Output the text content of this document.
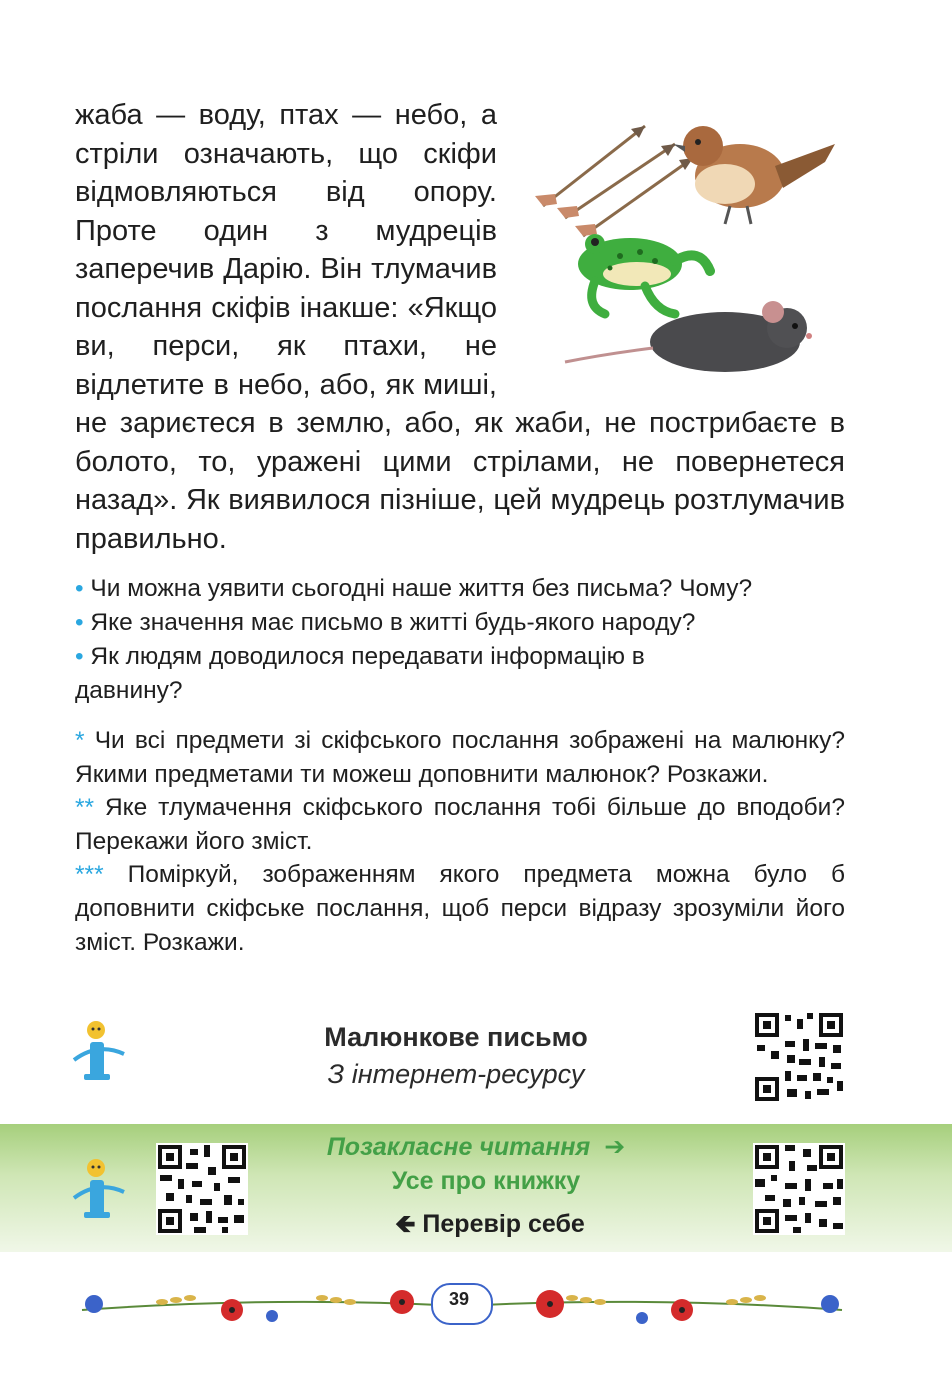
жаба — воду, птах — небо, а стріли означають, що скіфи відмовляються від опору. Проте один з мудреців заперечив Дарію. Він тлумачив послання скіфів інакше: «Якщо ви, перси, як птахи, не відлетите в небо, або, як миші, не зариєтеся в землю, або, як жаби, не пострибаєте в болото, то, уражені цими стрілами, не повернетеся назад». Як виявилося пізніше, цей мудрець розтлумачив правильно.

• Чи можна уявити сьогодні наше життя без письма? Чому?
• Яке значення має письмо в житті будь-якого народу?
• Як людям доводилося передавати інформацію в давнину?

* Чи всі предмети зі скіфського послання зображені на малюнку? Якими предметами ти можеш доповнити малюнок? Розкажи.

** Яке тлумачення скіфського послання тобі більше до вподоби? Перекажи його зміст.

*** Поміркуй, зображенням якого предмета можна було б доповнити скіфське послання, щоб перси відразу зрозуміли його зміст. Розкажи.

Малюнкове письмо
З інтернет-ресурсу
Позакласне читання ➔
Усе про книжку
🡸 Перевір себе
39
